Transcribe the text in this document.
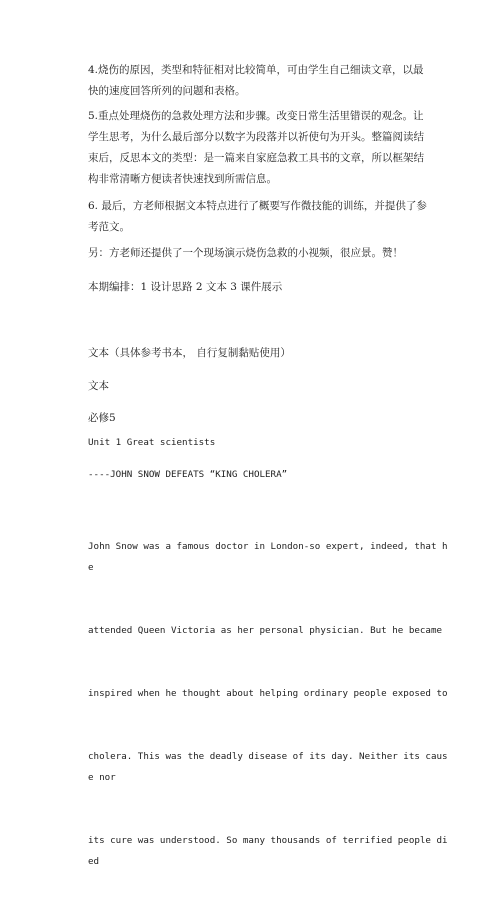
4.烧伤的原因，类型和特征相对比较简单，可由学生自己细读文章，以最快的速度回答所列的问题和表格。

5.重点处理烧伤的急救处理方法和步骤。改变日常生活里错误的观念。让学生思考，为什么最后部分以数字为段落并以祈使句为开头。整篇阅读结束后，反思本文的类型：是一篇来自家庭急救工具书的文章，所以框架结构非常清晰方便读者快速找到所需信息。

6. 最后，方老师根据文本特点进行了概要写作微技能的训练，并提供了参考范文。

另：方老师还提供了一个现场演示烧伤急救的小视频，很应景。赞！

本期编排：1 设计思路 2 文本 3 课件展示

文本（具体参考书本， 自行复制黏贴使用）

文本

必修5

Unit 1 Great scientists

----JOHN SNOW DEFEATS “KING CHOLERA”

John Snow was a famous doctor in London-so expert, indeed, that he

attended Queen Victoria as her personal physician. But he became

inspired when he thought about helping ordinary people exposed to

cholera. This was the deadly disease of its day. Neither its cause nor

its cure was understood. So many thousands of terrified people died
